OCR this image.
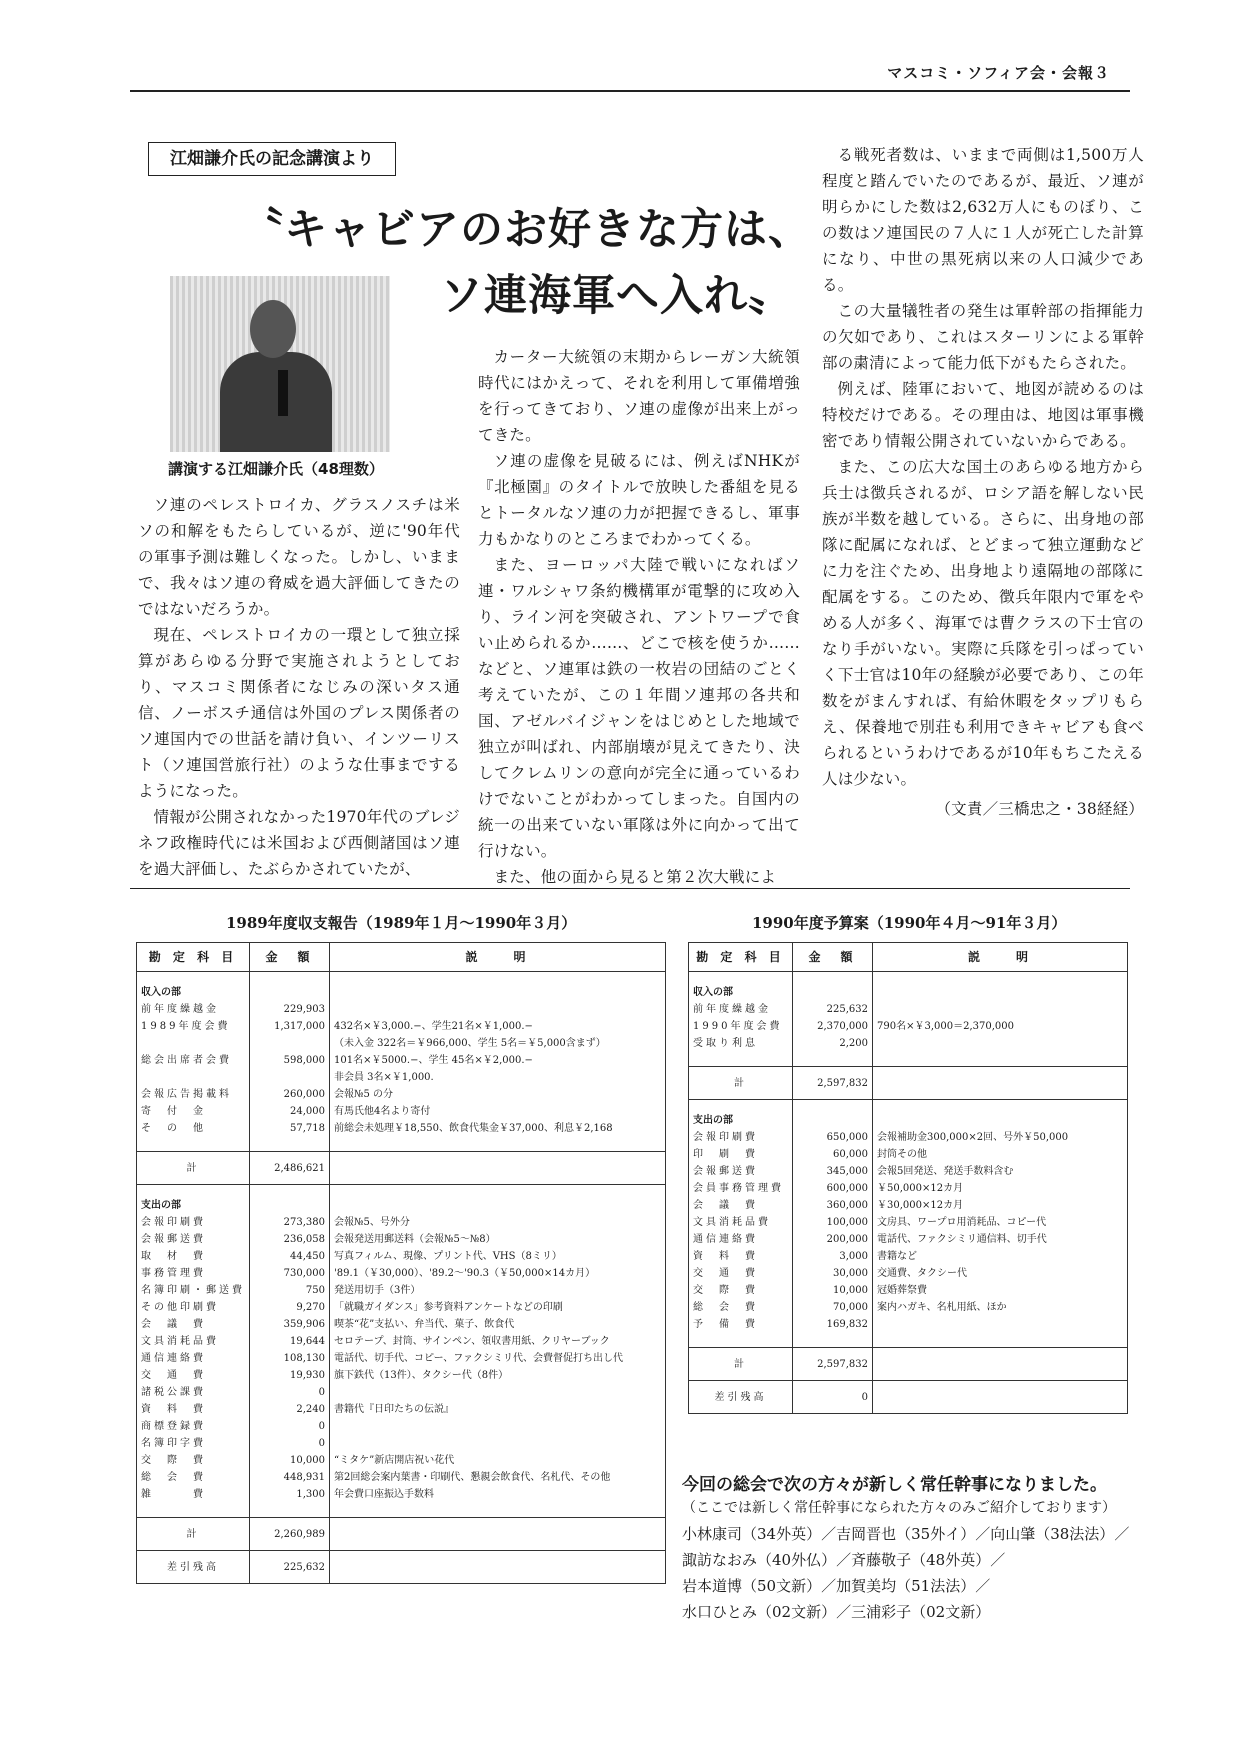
マスコミ・ソフィア会・会報３
江畑謙介氏の記念講演より
〝キャビアのお好きな方は、
ソ連海軍へ入れ〟
講演する江畑謙介氏（48理数）

ソ連のペレストロイカ、グラスノスチは米ソの和解をもたらしているが、逆に'90年代の軍事予測は難しくなった。しかし、いままで、我々はソ連の脅威を過大評価してきたのではないだろうか。

現在、ペレストロイカの一環として独立採算があらゆる分野で実施されようとしており、マスコミ関係者になじみの深いタス通信、ノーボスチ通信は外国のプレス関係者のソ連国内での世話を請け負い、インツーリスト（ソ連国営旅行社）のような仕事までするようになった。

情報が公開されなかった1970年代のブレジネフ政権時代には米国および西側諸国はソ連を過大評価し、たぶらかされていたが、

カーター大統領の末期からレーガン大統領時代にはかえって、それを利用して軍備増強を行ってきており、ソ連の虚像が出来上がってきた。

ソ連の虚像を見破るには、例えばNHKが『北極園』のタイトルで放映した番組を見るとトータルなソ連の力が把握できるし、軍事力もかなりのところまでわかってくる。

また、ヨーロッパ大陸で戦いになればソ連・ワルシャワ条約機構軍が電撃的に攻め入り、ライン河を突破され、アントワープで食い止められるか……、どこで核を使うか……などと、ソ連軍は鉄の一枚岩の団結のごとく考えていたが、この１年間ソ連邦の各共和国、アゼルバイジャンをはじめとした地域で独立が叫ばれ、内部崩壊が見えてきたり、決してクレムリンの意向が完全に通っているわけでないことがわかってしまった。自国内の統一の出来ていない軍隊は外に向かって出て行けない。

また、他の面から見ると第２次大戦によ

る戦死者数は、いままで両側は1,500万人程度と踏んでいたのであるが、最近、ソ連が明らかにした数は2,632万人にものぼり、この数はソ連国民の７人に１人が死亡した計算になり、中世の黒死病以来の人口減少である。

この大量犠牲者の発生は軍幹部の指揮能力の欠如であり、これはスターリンによる軍幹部の粛清によって能力低下がもたらされた。

例えば、陸軍において、地図が読めるのは特校だけである。その理由は、地図は軍事機密であり情報公開されていないからである。

また、この広大な国土のあらゆる地方から兵士は徴兵されるが、ロシア語を解しない民族が半数を越している。さらに、出身地の部隊に配属になれば、とどまって独立運動などに力を注ぐため、出身地より遠隔地の部隊に配属をする。このため、徴兵年限内で軍をやめる人が多く、海軍では曹クラスの下士官のなり手がいない。実際に兵隊を引っぱっていく下士官は10年の経験が必要であり、この年数をがまんすれば、有給休暇をタップリもらえ、保養地で別荘も利用できキャビアも食べられるというわけであるが10年もちこたえる人は少ない。

（文責／三橋忠之・38経経）
1989年度収支報告（1989年１月〜1990年３月）
勘 定 科 目	金　額	説　　明
収入の部		
前年度繰越金	229,903	
1989年度会費	1,317,000	432名×￥3,000.−、学生21名×￥1,000.−
		（未入金 322名＝￥966,000、学生 5名＝￥5,000含まず）
総会出席者会費	598,000	101名×￥5000.−、学生 45名×￥2,000.−
		非会員 3名×￥1,000.
会報広告掲載料	260,000	会報№5 の分
寄　付　金	24,000	有馬氏他4名より寄付
そ　の　他	57,718	前総会未処理￥18,550、飲食代集金￥37,000、利息￥2,168

計	2,486,621	
支出の部		
会報印刷費	273,380	会報№5、号外分
会報郵送費	236,058	会報発送用郵送料（会報№5〜№8）
取　材　費	44,450	写真フィルム、現像、プリント代、VHS（8ミリ）
事務管理費	730,000	'89.1（￥30,000）、'89.2〜'90.3（￥50,000×14カ月）
名簿印刷・郵送費	750	発送用切手（3件）
その他印刷費	9,270	「就職ガイダンス」参考資料アンケートなどの印刷
会　議　費	359,906	喫茶“花”支払い、弁当代、菓子、飲食代
文具消耗品費	19,644	セロテープ、封筒、サインペン、領収書用紙、クリヤーブック
通信連絡費	108,130	電話代、切手代、コピー、ファクシミリ代、会費督促打ち出し代
交　通　費	19,930	旗下鉄代（13件）、タクシー代（8件）
諸税公課費	0	
資　料　費	2,240	書籍代『日印たちの伝説』
商標登録費	0	
名簿印字費	0	
交　際　費	10,000	“ミタケ”新店開店祝い花代
総　会　費	448,931	第2回総会案内葉書・印刷代、懇親会飲食代、名札代、その他
雑　　　費	1,300	年会費口座振込手数料

計	2,260,989	
差引残高	225,632	
1990年度予算案（1990年４月〜91年３月）
勘 定 科 目	金　額	説　　明
収入の部		
前年度繰越金	225,632	
1990年度会費	2,370,000	790名×￥3,000＝2,370,000
受取り利息	2,200	

計	2,597,832	
支出の部		
会報印刷費	650,000	会報補助金300,000×2回、号外￥50,000
印　刷　費	60,000	封筒その他
会報郵送費	345,000	会報5回発送、発送手数料含む
会員事務管理費	600,000	￥50,000×12カ月
会　議　費	360,000	￥30,000×12カ月
文具消耗品費	100,000	文房具、ワープロ用消耗品、コピー代
通信連絡費	200,000	電話代、ファクシミリ通信料、切手代
資　料　費	3,000	書籍など
交　通　費	30,000	交通費、タクシー代
交　際　費	10,000	冠婚葬祭費
総　会　費	70,000	案内ハガキ、名札用紙、ほか
予　備　費	169,832	

計	2,597,832	
差引残高	0	
今回の総会で次の方々が新しく常任幹事になりました。
（ここでは新しく常任幹事になられた方々のみご紹介しております）
小林康司（34外英）／吉岡晋也（35外イ）／向山肇（38法法）／諏訪なおみ（40外仏）／斉藤敬子（48外英）／岩本道博（50文新）／加賀美均（51法法）／水口ひとみ（02文新）／三浦彩子（02文新）
